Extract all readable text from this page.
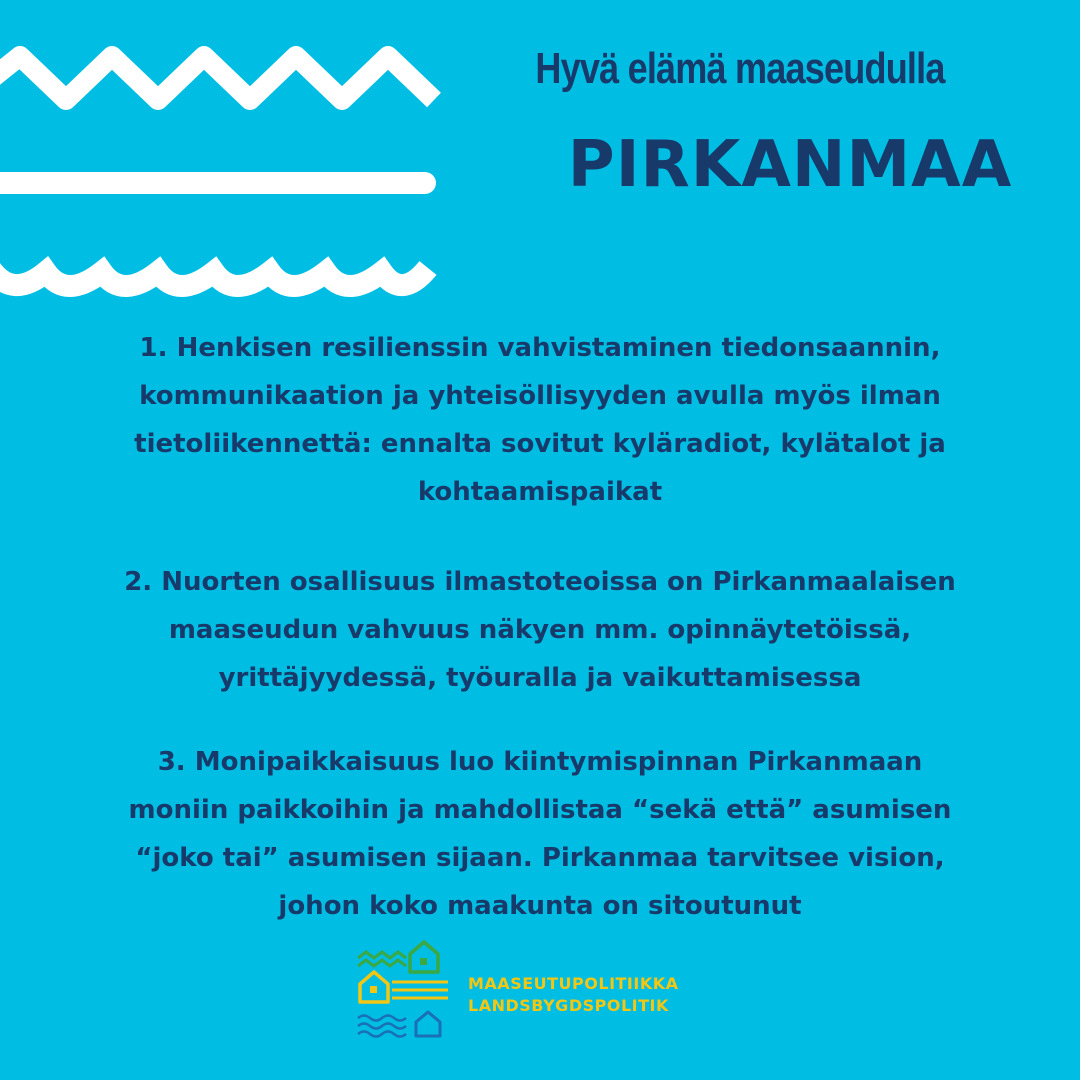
Hyvä elämä maaseudulla
PIRKANMAA

1. Henkisen resilienssin vahvistaminen tiedonsaannin,
kommunikaation ja yhteisöllisyyden avulla myös ilman
tietoliikennettä: ennalta sovitut kyläradiot, kylätalot ja
kohtaamispaikat

2. Nuorten osallisuus ilmastoteoissa on Pirkanmaalaisen
maaseudun vahvuus näkyen mm. opinnäytetöissä,
yrittäjyydessä, työuralla ja vaikuttamisessa

3. Monipaikkaisuus luo kiintymispinnan Pirkanmaan
moniin paikkoihin ja mahdollistaa “sekä että” asumisen
“joko tai” asumisen sijaan. Pirkanmaa tarvitsee vision,
johon koko maakunta on sitoutunut

MAASEUTUPOLITIIKKA
LANDSBYGDSPOLITIK
